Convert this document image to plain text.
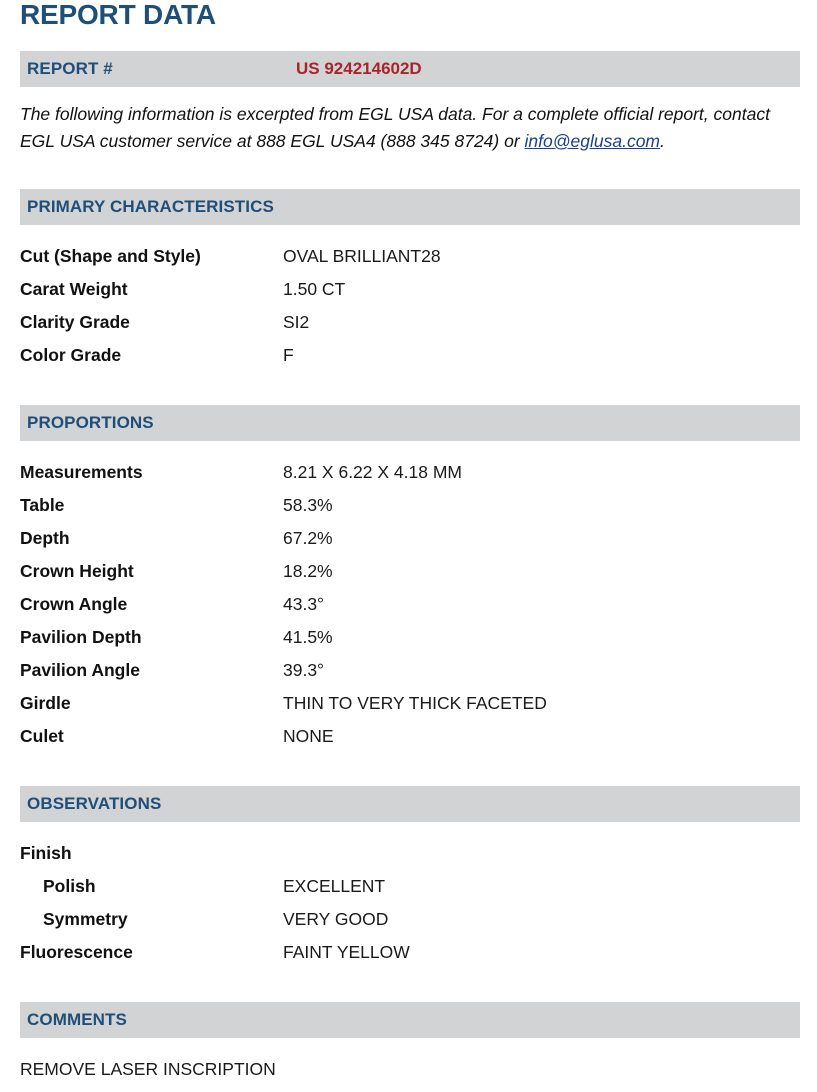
REPORT DATA
REPORT #	US 924214602D

The following information is excerpted from EGL USA data. For a complete official report, contact EGL USA customer service at 888 EGL USA4 (888 345 8724) or info@eglusa.com.

PRIMARY CHARACTERISTICS
Cut (Shape and Style)	OVAL BRILLIANT28
Carat Weight	1.50 CT
Clarity Grade	SI2
Color Grade	F
PROPORTIONS
Measurements	8.21 X 6.22 X 4.18 MM
Table	58.3%
Depth	67.2%
Crown Height	18.2%
Crown Angle	43.3°
Pavilion Depth	41.5%
Pavilion Angle	39.3°
Girdle	THIN TO VERY THICK FACETED
Culet	NONE
OBSERVATIONS
Finish
Polish	EXCELLENT
Symmetry	VERY GOOD
Fluorescence	FAINT YELLOW
COMMENTS
REMOVE LASER INSCRIPTION
